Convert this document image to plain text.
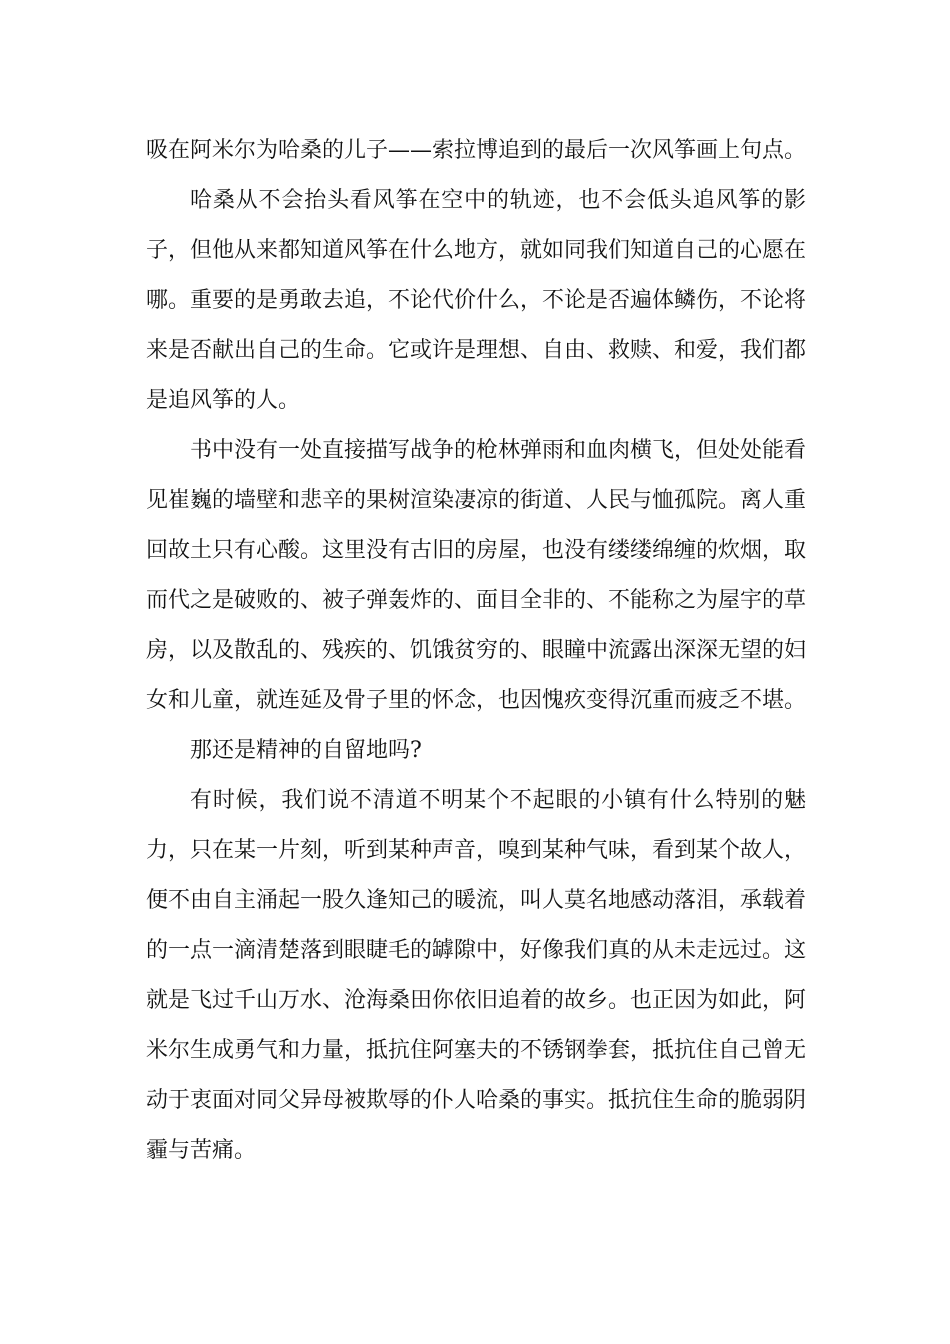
吸在阿米尔为哈桑的儿子——索拉博追到的最后一次风筝画上句点。

哈桑从不会抬头看风筝在空中的轨迹，也不会低头追风筝的影子，但他从来都知道风筝在什么地方，就如同我们知道自己的心愿在哪。重要的是勇敢去追，不论代价什么，不论是否遍体鳞伤，不论将来是否献出自己的生命。它或许是理想、自由、救赎、和爱，我们都是追风筝的人。

书中没有一处直接描写战争的枪林弹雨和血肉横飞，但处处能看见崔巍的墙壁和悲辛的果树渲染凄凉的街道、人民与恤孤院。离人重回故土只有心酸。这里没有古旧的房屋，也没有缕缕绵缠的炊烟，取而代之是破败的、被子弹轰炸的、面目全非的、不能称之为屋宇的草房，以及散乱的、残疾的、饥饿贫穷的、眼瞳中流露出深深无望的妇女和儿童，就连延及骨子里的怀念，也因愧疚变得沉重而疲乏不堪。

那还是精神的自留地吗?

有时候，我们说不清道不明某个不起眼的小镇有什么特别的魅力，只在某一片刻，听到某种声音，嗅到某种气味，看到某个故人，便不由自主涌起一股久逢知己的暖流，叫人莫名地感动落泪，承载着的一点一滴清楚落到眼睫毛的罅隙中，好像我们真的从未走远过。这就是飞过千山万水、沧海桑田你依旧追着的故乡。也正因为如此，阿米尔生成勇气和力量，抵抗住阿塞夫的不锈钢拳套，抵抗住自己曾无动于衷面对同父异母被欺辱的仆人哈桑的事实。抵抗住生命的脆弱阴霾与苦痛。
